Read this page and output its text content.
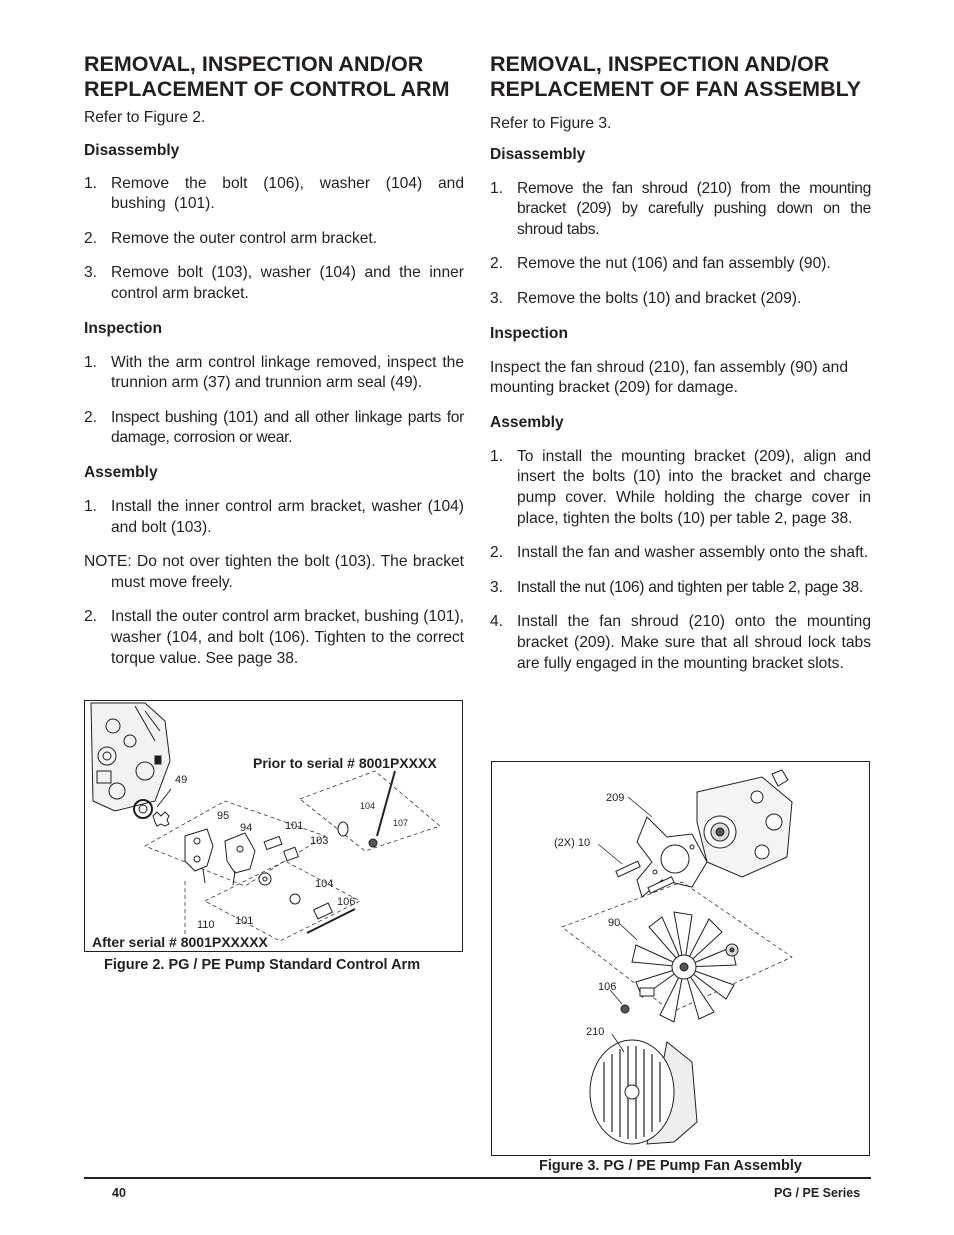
REMOVAL, INSPECTION AND/OR
REPLACEMENT OF CONTROL ARM

Refer to Figure 2.

Disassembly

1. Remove the bolt (106), washer (104) and bushing (101).
2. Remove the outer control arm bracket.
3. Remove bolt (103), washer (104) and the inner control arm bracket.

Inspection

1. With the arm control linkage removed, inspect the trunnion arm (37) and trunnion arm seal (49).
2. Inspect bushing (101) and all other linkage parts for damage, corrosion or wear.

Assembly

1. Install the inner control arm bracket, washer (104) and bolt (103).
NOTE: Do not over tighten the bolt (103). The bracket must move freely.
2. Install the outer control arm bracket, bushing (101), washer (104, and bolt (106). Tighten to the correct torque value. See page 38.
49
95
94	101
103
104
107
104
106
110 101
Prior to serial # 8001PXXXX
After serial # 8001PXXXXX
Figure 2. PG / PE Pump Standard Control Arm
REMOVAL, INSPECTION AND/OR
REPLACEMENT OF FAN ASSEMBLY

Refer to Figure 3.

Disassembly

1. Remove the fan shroud (210) from the mounting bracket (209) by carefully pushing down on the shroud tabs.
2. Remove the nut (106) and fan assembly (90).
3. Remove the bolts (10) and bracket (209).

Inspection

Inspect the fan shroud (210), fan assembly (90) and mounting bracket (209) for damage.

Assembly

1. To install the mounting bracket (209), align and insert the bolts (10) into the bracket and charge pump cover. While holding the charge cover in place, tighten the bolts (10) per table 2, page 38.
2. Install the fan and washer assembly onto the shaft.
3. Install the nut (106) and tighten per table 2, page 38.
4. Install the fan shroud (210) onto the mounting bracket (209). Make sure that all shroud lock tabs are fully engaged in the mounting bracket slots.
209
(2X) 10
90
106
210
Figure 3. PG / PE Pump Fan Assembly
40	PG / PE Series
